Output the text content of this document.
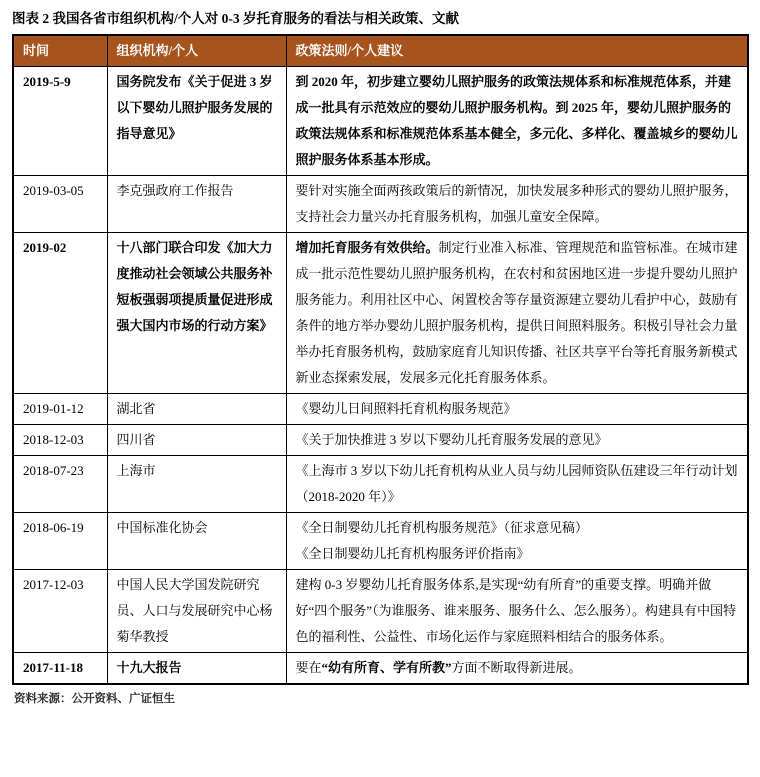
图表 2 我国各省市组织机构/个人对 0-3 岁托育服务的看法与相关政策、文献
时间	组织机构/个人	政策法则/个人建议
2019-5-9	国务院发布《关于促进 3 岁以下婴幼儿照护服务发展的指导意见》	到 2020 年，初步建立婴幼儿照护服务的政策法规体系和标准规范体系，并建成一批具有示范效应的婴幼儿照护服务机构。到 2025 年，婴幼儿照护服务的政策法规体系和标准规范体系基本健全，多元化、多样化、覆盖城乡的婴幼儿照护服务体系基本形成。

2019-03-05	李克强政府工作报告	要针对实施全面两孩政策后的新情况，加快发展多种形式的婴幼儿照护服务，支持社会力量兴办托育服务机构，加强儿童安全保障。

2019-02	十八部门联合印发《加大力度推动社会领域公共服务补短板强弱项提质量促进形成强大国内市场的行动方案》	增加托育服务有效供给。制定行业准入标准、管理规范和监管标准。在城市建成一批示范性婴幼儿照护服务机构，在农村和贫困地区进一步提升婴幼儿照护服务能力。利用社区中心、闲置校舍等存量资源建立婴幼儿看护中心，鼓励有条件的地方举办婴幼儿照护服务机构，提供日间照料服务。积极引导社会力量举办托育服务机构，鼓励家庭育儿知识传播、社区共享平台等托育服务新模式新业态探索发展，发展多元化托育服务体系。

2019-01-12	湖北省	《婴幼儿日间照料托育机构服务规范》

2018-12-03	四川省	《关于加快推进 3 岁以下婴幼儿托育服务发展的意见》

2018-07-23	上海市	《上海市 3 岁以下幼儿托育机构从业人员与幼儿园师资队伍建设三年行动计划（2018-2020 年）》

2018-06-19	中国标准化协会	《全日制婴幼儿托育机构服务规范》（征求意见稿）
《全日制婴幼儿托育机构服务评价指南》

2017-12-03	中国人民大学国发院研究员、人口与发展研究中心杨菊华教授	建构 0-3 岁婴幼儿托育服务体系,是实现“幼有所育”的重要支撑。明确并做好“四个服务”（为谁服务、谁来服务、服务什么、怎么服务）。构建具有中国特色的福利性、公益性、市场化运作与家庭照料相结合的服务体系。

2017-11-18	十九大报告	要在“幼有所育、学有所教”方面不断取得新进展。
资料来源：公开资料、广证恒生
